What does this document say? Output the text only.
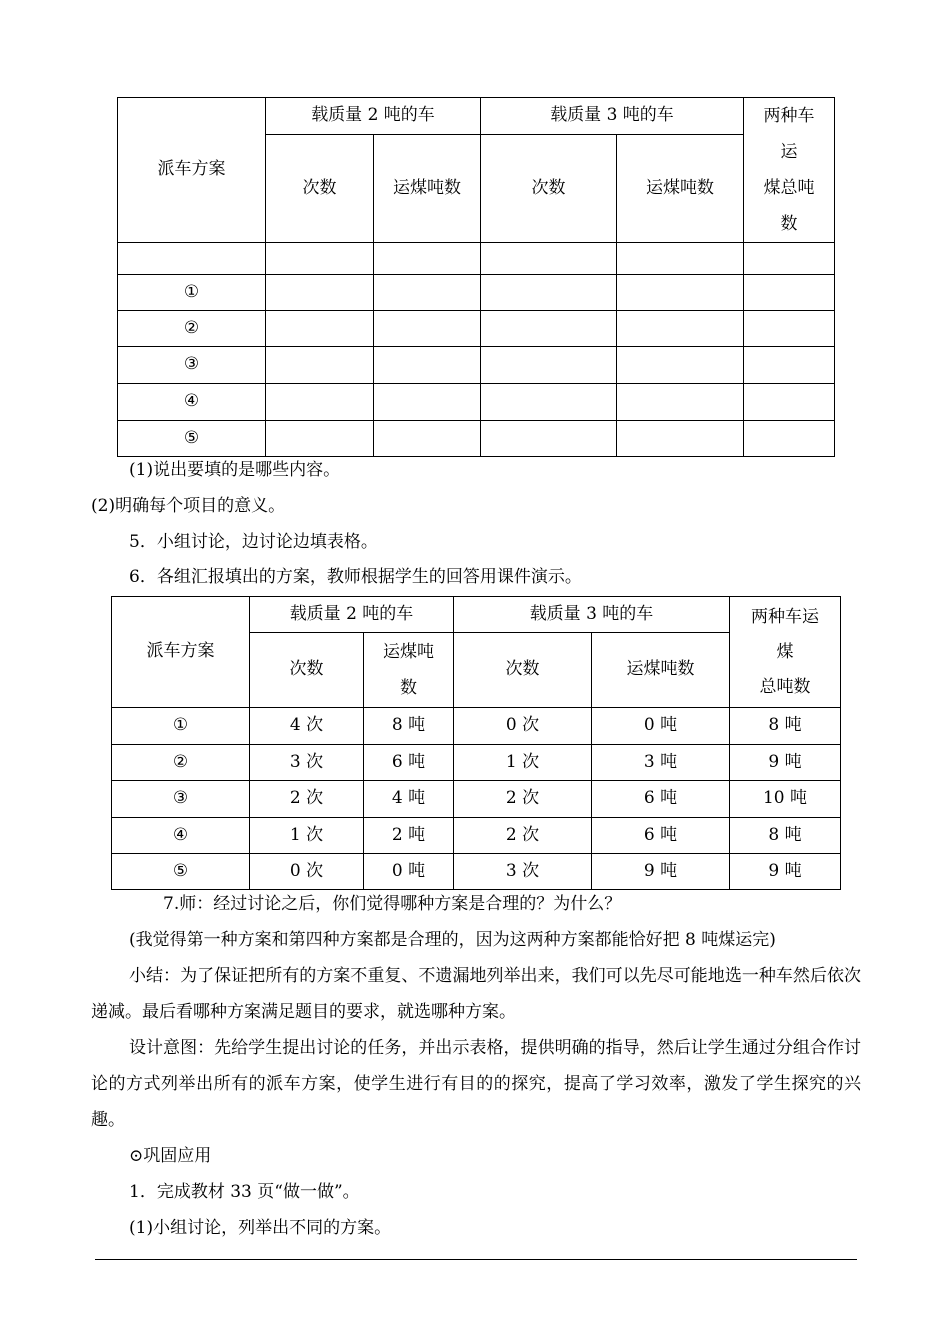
派车方案	载质量 2 吨的车		载质量 3 吨的车		两种车
运
煤总吨
数

	次数	运煤吨数	次数	运煤吨数	

①					
②					
③					
④					
⑤					

(1)说出要填的是哪些内容。

(2)明确每个项目的意义。

5．小组讨论，边讨论边填表格。

6．各组汇报填出的方案，教师根据学生的回答用课件演示。

派车方案	载质量 2 吨的车		载质量 3 吨的车		两种车运
煤
总吨数

	次数	运煤吨
数	次数	运煤吨数	
①	4 次	8 吨	0 次	0 吨	8 吨
②	3 次	6 吨	1 次	3 吨	9 吨
③	2 次	4 吨	2 次	6 吨	10 吨
④	1 次	2 吨	2 次	6 吨	8 吨
⑤	0 次	0 吨	3 次	9 吨	9 吨

7.师：经过讨论之后，你们觉得哪种方案是合理的？为什么？

(我觉得第一种方案和第四种方案都是合理的，因为这两种方案都能恰好把 8 吨煤运完)

小结：为了保证把所有的方案不重复、不遗漏地列举出来，我们可以先尽可能地选一种车然后依次递减。最后看哪种方案满足题目的要求，就选哪种方案。

设计意图：先给学生提出讨论的任务，并出示表格，提供明确的指导，然后让学生通过分组合作讨论的方式列举出所有的派车方案，使学生进行有目的的探究，提高了学习效率，激发了学生探究的兴趣。

⊙巩固应用

1．完成教材 33 页“做一做”。

(1)小组讨论，列举出不同的方案。
